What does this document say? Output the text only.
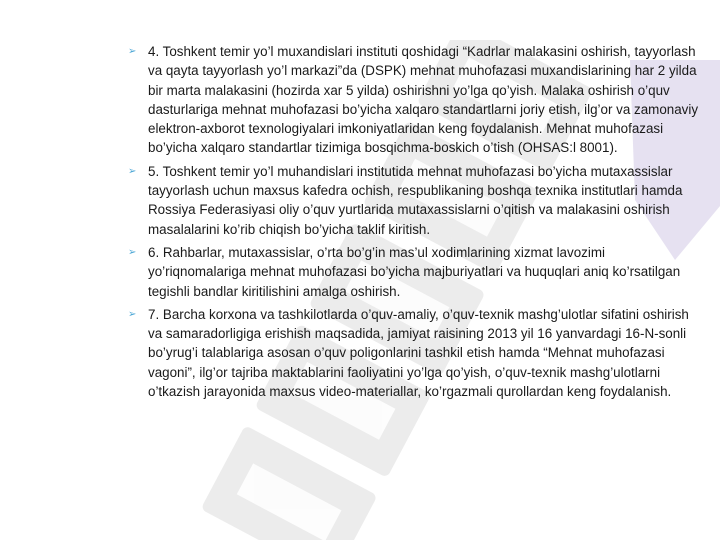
➢ 4. Toshkent temir yo’l muxandislari instituti qoshidagi “Kadrlar malakasini oshirish, tayyorlash va qayta tayyorlash yo’l markazi”da (DSPK) mehnat muhofazasi muxandislarining har 2 yilda bir marta malakasini (hozirda xar 5 yilda) oshirishni yo’lga qo’yish. Malaka oshirish o’quv dasturlariga mehnat muhofazasi bo’yicha xalqaro standartlarni joriy etish, ilg’or va zamonaviy elektron-axborot texnologiyalari imkoniyatlaridan keng foydalanish. Mehnat muhofazasi bo’yicha xalqaro standartlar tizimiga bosqichma-boskich o’tish (OHSAS:l 8001).
➢ 5. Toshkent temir yo’l muhandislari institutida mehnat muhofazasi bo’yicha mutaxassislar tayyorlash uchun maxsus kafedra ochish, respublikaning boshqa texnika institutlari hamda Rossiya Federasiyasi oliy o’quv yurtlarida mutaxassislarni o’qitish va malakasini oshirish masalalarini ko’rib chiqish bo’yicha taklif kiritish.
➢ 6. Rahbarlar, mutaxassislar, o’rta bo’g’in mas’ul xodimlarining xizmat lavozimi yo’riqnomalariga mehnat muhofazasi bo’yicha majburiyatlari va huquqlari aniq ko’rsatilgan tegishli bandlar kiritilishini amalga oshirish.
➢ 7. Barcha korxona va tashkilotlarda o’quv-amaliy, o’quv-texnik mashg’ulotlar sifatini oshirish va samaradorligiga erishish maqsadida, jamiyat raisining 2013 yil 16 yanvardagi 16-N-sonli bo’yrug’i talablariga asosan o’quv poligonlarini tashkil etish hamda “Mehnat muhofazasi vagoni”, ilg’or tajriba maktablarini faoliyatini yo’lga qo’yish, o’quv-texnik mashg’ulotlarni o’tkazish jarayonida maxsus video-materiallar, ko’rgazmali qurollardan keng foydalanish.
